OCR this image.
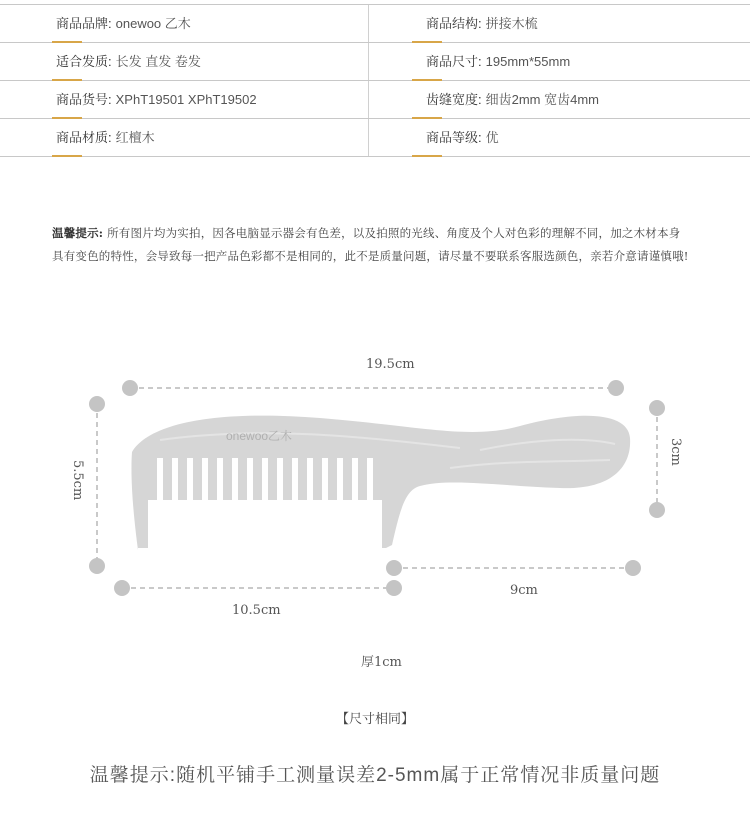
商品品牌: onewoo 乙木	商品结构: 拼接木梳
适合发质: 长发 直发 卷发	商品尺寸: 195mm*55mm
商品货号: XPhT19501 XPhT19502	齿缝宽度: 细齿2mm 宽齿4mm
商品材质: 红檀木	商品等级: 优
温馨提示: 所有图片均为实拍，因各电脑显示器会有色差，以及拍照的光线、角度及个人对色彩的理解不同，加之木材本身具有变色的特性，会导致每一把产品色彩都不是相同的，此不是质量问题，请尽量不要联系客服选颜色，亲若介意请谨慎哦!
onewoo乙木
19.5cm
5.5cm
3cm
10.5cm
9cm
厚1cm
【尺寸相同】
温馨提示:随机平铺手工测量误差2-5mm属于正常情况非质量问题
